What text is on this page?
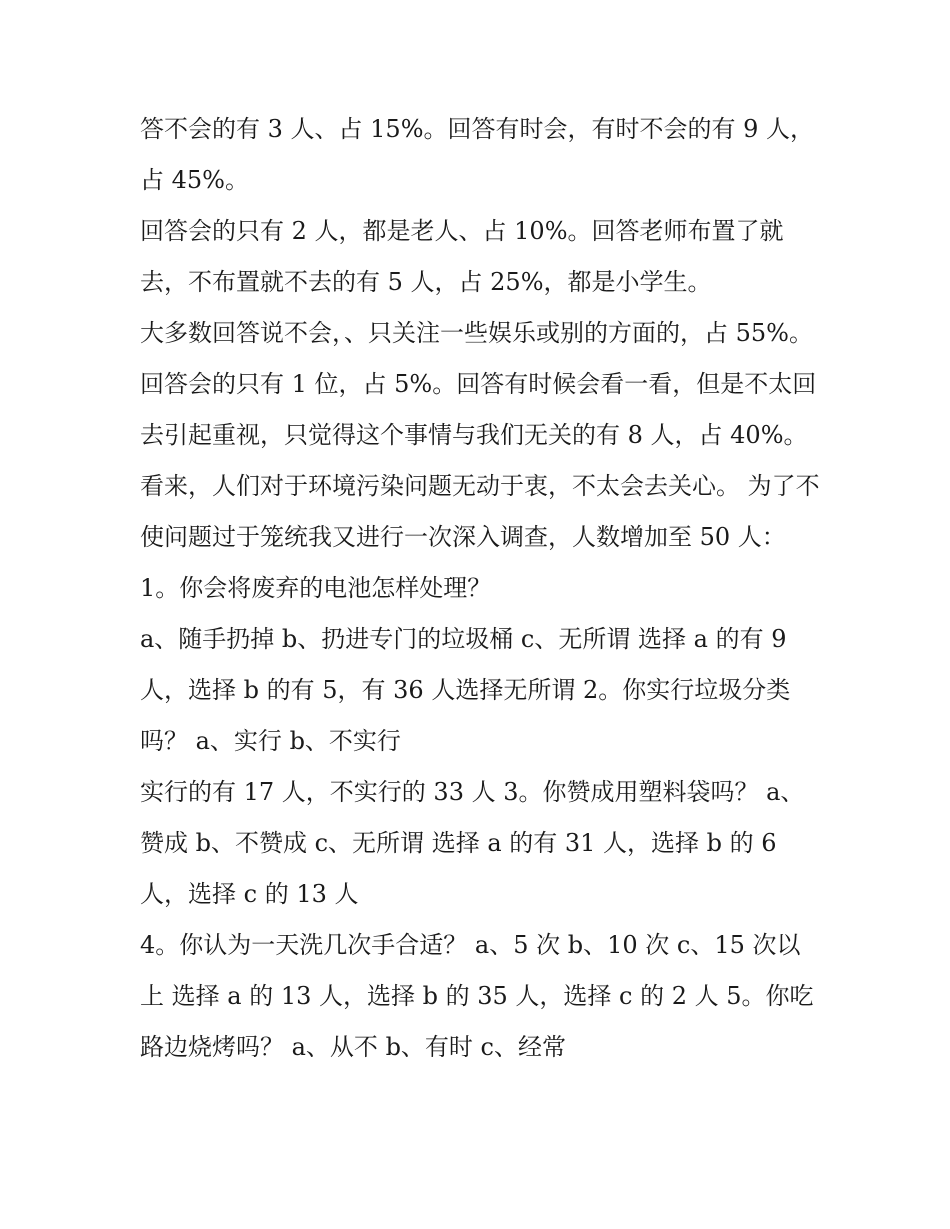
答不会的有 3 人、占 15%。回答有时会，有时不会的有 9 人，占 45%。

回答会的只有 2 人，都是老人、占 10%。回答老师布置了就去，不布置就不去的有 5 人，占 25%，都是小学生。

大多数回答说不会，、只关注一些娱乐或别的方面的，占 55%。回答会的只有 1 位，占 5%。回答有时候会看一看，但是不太回去引起重视，只觉得这个事情与我们无关的有 8 人，占 40%。

看来，人们对于环境污染问题无动于衷，不太会去关心。 为了不使问题过于笼统我又进行一次深入调查，人数增加至 50 人： 1。你会将废弃的电池怎样处理？

a、随手扔掉 b、扔进专门的垃圾桶 c、无所谓 选择 a 的有 9 人，选择 b 的有 5，有 36 人选择无所谓 2。你实行垃圾分类吗？ a、实行 b、不实行

实行的有 17 人，不实行的 33 人 3。你赞成用塑料袋吗？ a、赞成 b、不赞成 c、无所谓 选择 a 的有 31 人，选择 b 的 6 人，选择 c 的 13 人

4。你认为一天洗几次手合适？ a、5 次 b、10 次 c、15 次以上 选择 a 的 13 人，选择 b 的 35 人，选择 c 的 2 人 5。你吃路边烧烤吗？ a、从不 b、有时 c、经常
